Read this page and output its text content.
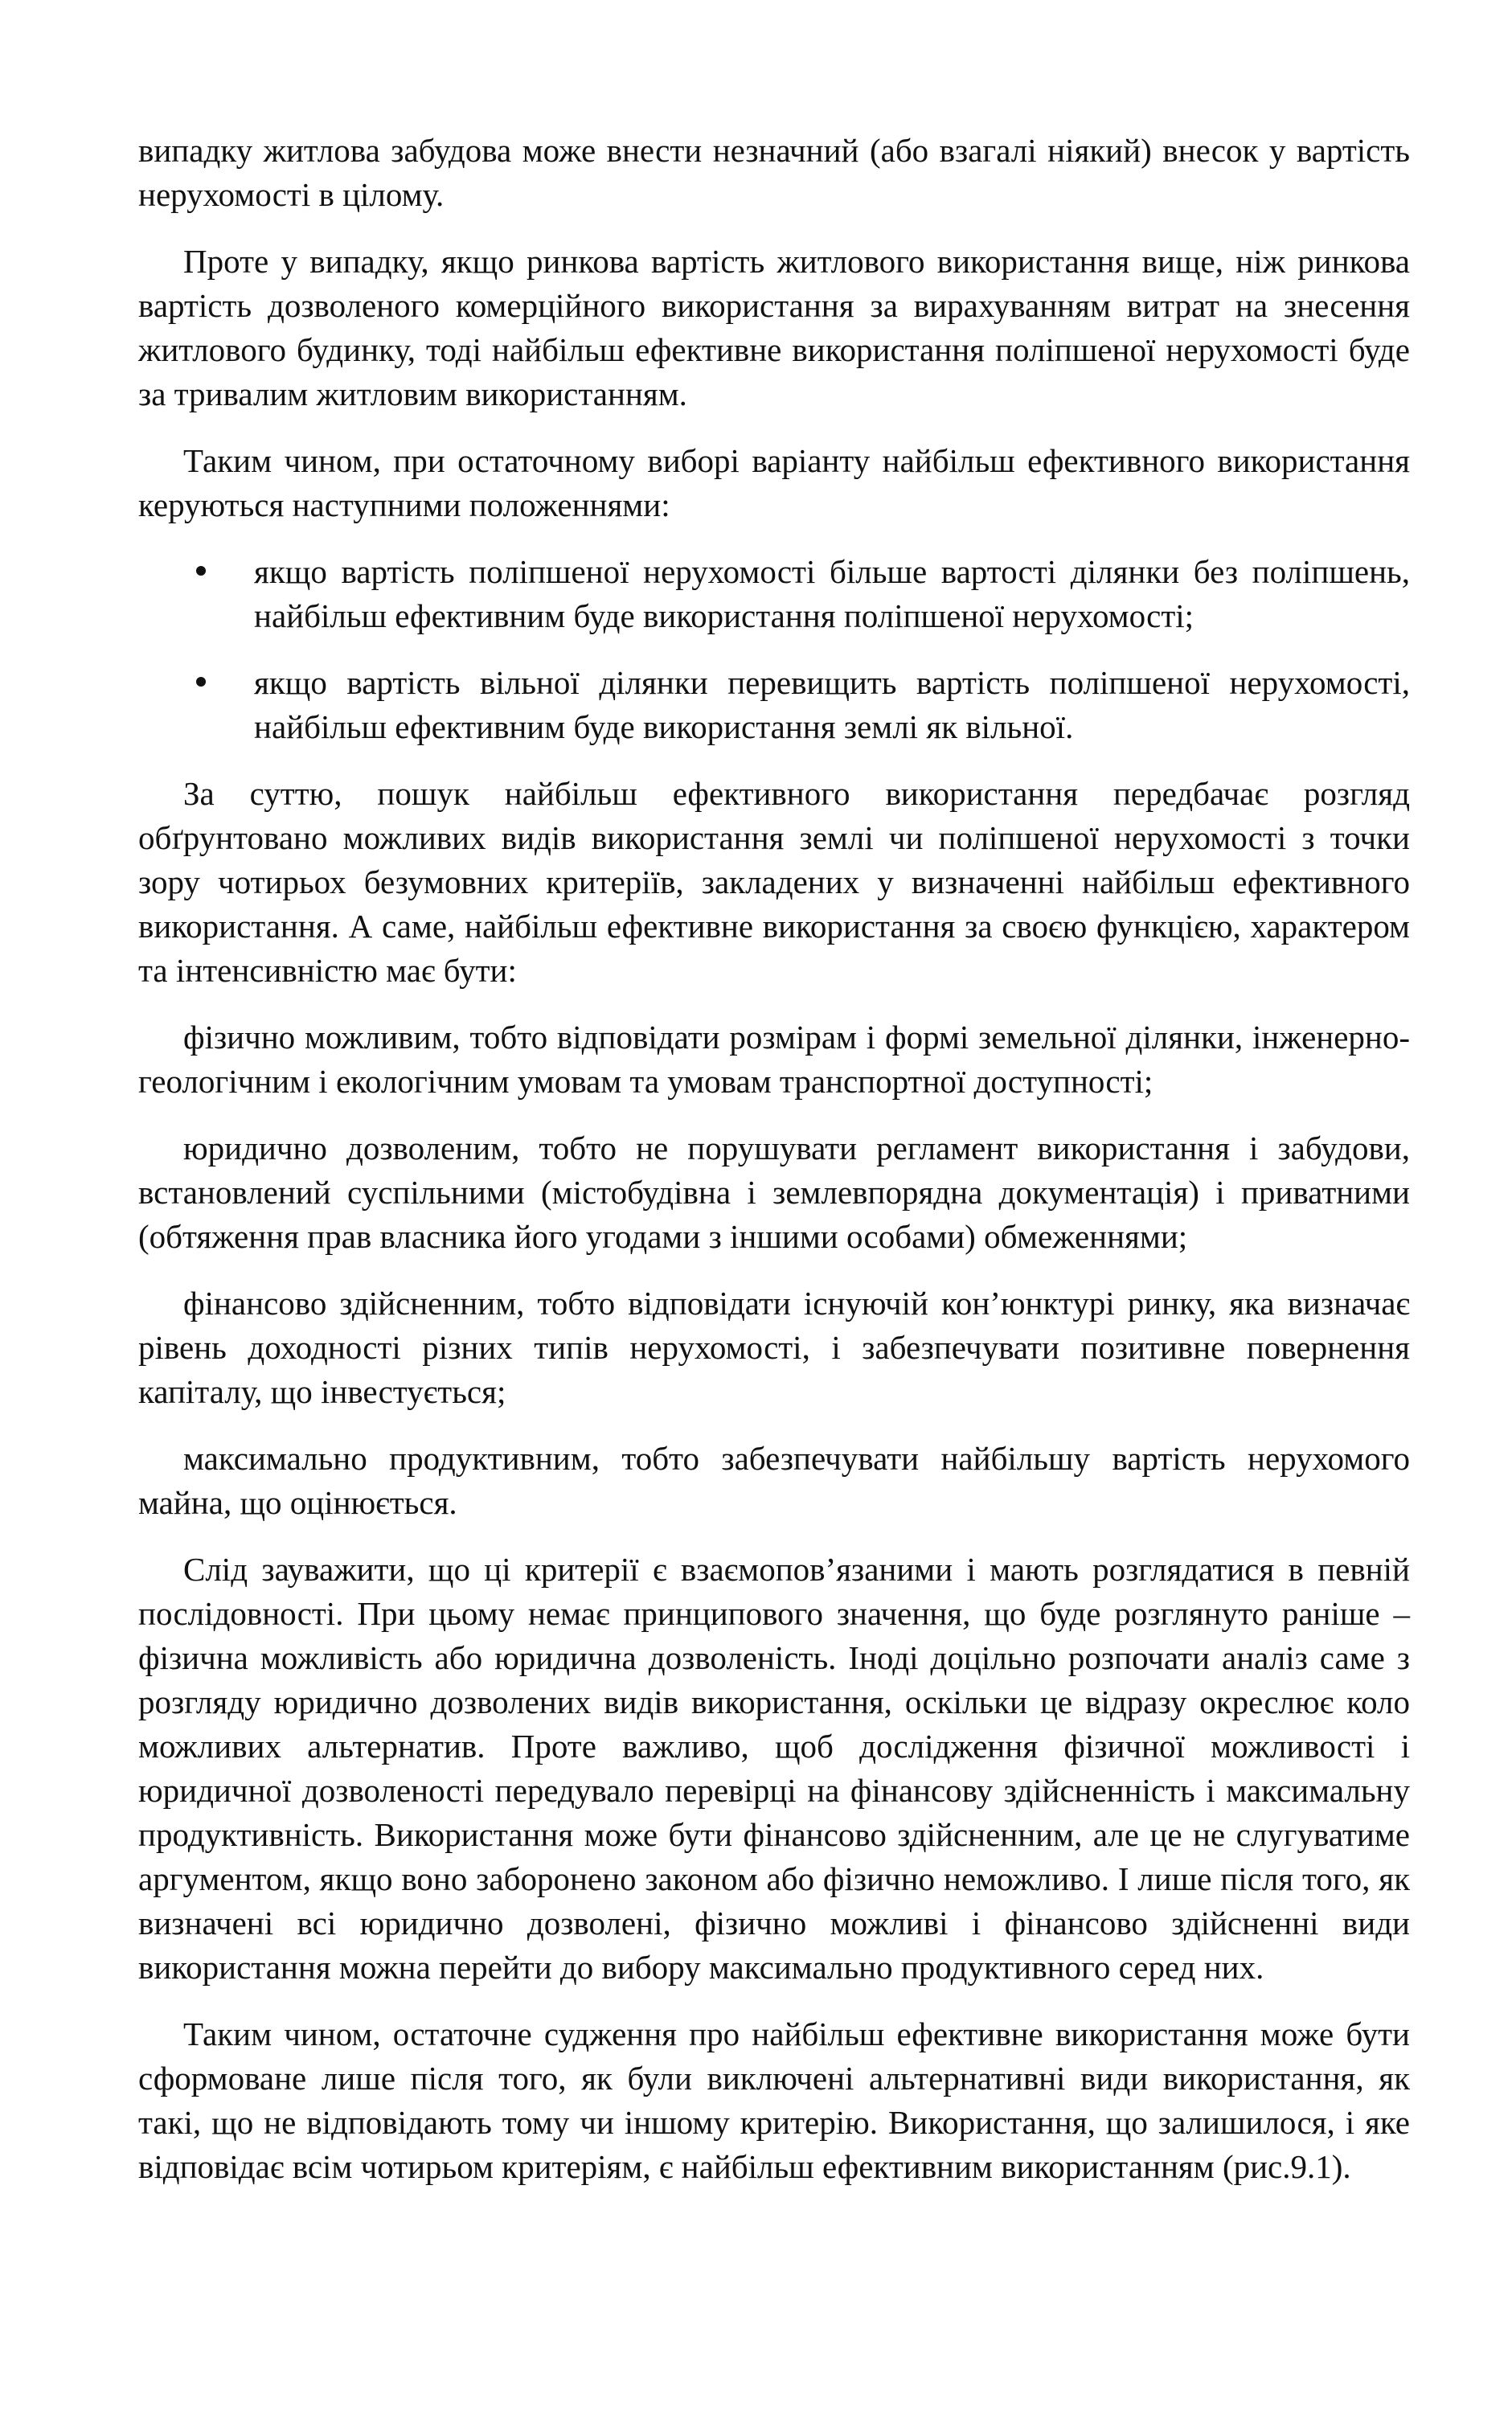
випадку житлова забудова може внести незначний (або взагалі ніякий) внесок у вартість нерухомості в цілому.

Проте у випадку, якщо ринкова вартість житлового використання вище, ніж ринкова вартість дозволеного комерційного використання за вирахуванням витрат на знесення житлового будинку, тоді найбільш ефективне використання поліпшеної нерухомості буде за тривалим житловим використанням.

Таким чином, при остаточному виборі варіанту найбільш ефективного використання керуються наступними положеннями:

якщо вартість поліпшеної нерухомості більше вартості ділянки без поліпшень, найбільш ефективним буде використання поліпшеної нерухомості;
якщо вартість вільної ділянки перевищить вартість поліпшеної нерухомості, найбільш ефективним буде використання землі як вільної.

За суттю, пошук найбільш ефективного використання передбачає розгляд обґрунтовано можливих видів використання землі чи поліпшеної нерухомості з точки зору чотирьох безумовних критеріїв, закладених у визначенні найбільш ефективного використання. А саме, найбільш ефективне використання за своєю функцією, характером та інтенсивністю має бути:

фізично можливим, тобто відповідати розмірам і формі земельної ділянки, інженерно-геологічним і екологічним умовам та умовам транспортної доступності;

юридично дозволеним, тобто не порушувати регламент використання і забудови, встановлений суспільними (містобудівна і землевпорядна документація) і приватними (обтяження прав власника його угодами з іншими особами) обмеженнями;

фінансово здійсненним, тобто відповідати існуючій кон’юнктурі ринку, яка визначає рівень доходності різних типів нерухомості, і забезпечувати позитивне повернення капіталу, що інвестується;

максимально продуктивним, тобто забезпечувати найбільшу вартість нерухомого майна, що оцінюється.

Слід зауважити, що ці критерії є взаємопов’язаними і мають розглядатися в певній послідовності. При цьому немає принципового значення, що буде розглянуто раніше – фізична можливість або юридична дозволеність. Іноді доцільно розпочати аналіз саме з розгляду юридично дозволених видів використання, оскільки це відразу окреслює коло можливих альтернатив. Проте важливо, щоб дослідження фізичної можливості і юридичної дозволеності передувало перевірці на фінансову здійсненність і максимальну продуктивність. Використання може бути фінансово здійсненним, але це не слугуватиме аргументом, якщо воно заборонено законом або фізично неможливо. І лише після того, як визначені всі юридично дозволені, фізично можливі і фінансово здійсненні види використання можна перейти до вибору максимально продуктивного серед них.

Таким чином, остаточне судження про найбільш ефективне використання може бути сформоване лише після того, як були виключені альтернативні види використання, як такі, що не відповідають тому чи іншому критерію. Використання, що залишилося, і яке відповідає всім чотирьом критеріям, є найбільш ефективним використанням (рис.9.1).
